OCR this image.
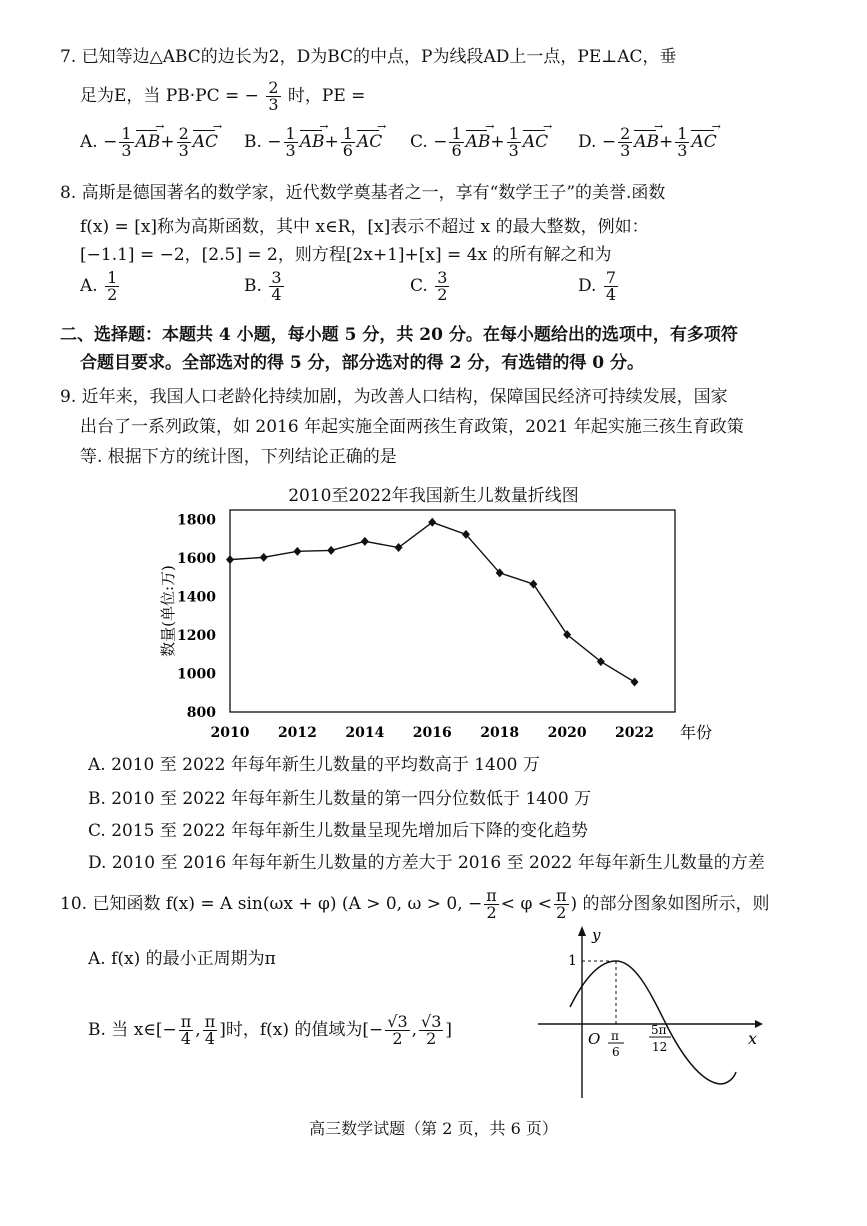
7. 已知等边△ABC的边长为2，D为BC的中点，P为线段AD上一点，PE⊥AC，垂
足为E，当 PB·PC = − $\frac{2}{3}$ 时，PE =
A. − $\frac{1}{3}$ AB →+ $\frac{2}{3}$ AC → B. − $\frac{1}{3}$ AB →+ $\frac{1}{6}$ AC → C. − $\frac{1}{6}$ AB →+ $\frac{1}{3}$ AC → D. − $\frac{2}{3}$ AB →+ $\frac{1}{3}$ AC →
8. 高斯是德国著名的数学家，近代数学奠基者之一，享有“数学王子”的美誉.函数
f(x) = [x]称为高斯函数，其中 x∈R，[x]表示不超过 x 的最大整数，例如：
[−1.1] = −2，[2.5] = 2，则方程[2x+1]+[x] = 4x 的所有解之和为
A. $\frac{1}{2}$	B. $\frac{3}{4}$	C. $\frac{3}{2}$	D. $\frac{7}{4}$
二、选择题：本题共 4 小题，每小题 5 分，共 20 分。在每小题给出的选项中，有多项符
合题目要求。全部选对的得 5 分，部分选对的得 2 分，有选错的得 0 分。
9. 近年来，我国人口老龄化持续加剧，为改善人口结构，保障国民经济可持续发展，国家
出台了一系列政策，如 2016 年起实施全面两孩生育政策，2021 年起实施三孩生育政策
等. 根据下方的统计图，下列结论正确的是
2010至2022年我国新生儿数量折线图
800
1000
1200
1400
1600
1800
2010 2012 2014 2016 2018 2020 2022 年份
数量(单位:万)
A. 2010 至 2022 年每年新生儿数量的平均数高于 1400 万
B. 2010 至 2022 年每年新生儿数量的第一四分位数低于 1400 万
C. 2015 至 2022 年每年新生儿数量呈现先增加后下降的变化趋势
D. 2010 至 2016 年每年新生儿数量的方差大于 2016 至 2022 年每年新生儿数量的方差
10. 已知函数 f(x) = A sin(ωx + φ) (A > 0, ω > 0, − $\frac{\pi}{2} < \varphi < \frac{\pi}{2}$ ) 的部分图象如图所示，则
A. f(x) 的最小正周期为π
B. 当 x∈[− $\frac{\pi}{4}$ , $\frac{\pi}{4}$ ]时，f(x) 的值域为[− $\frac{√3}{2}$ , $\frac{√3}{2}$ ]
y
x
O
1
π
6
5π
12
高三数学试题（第 2 页，共 6 页）
